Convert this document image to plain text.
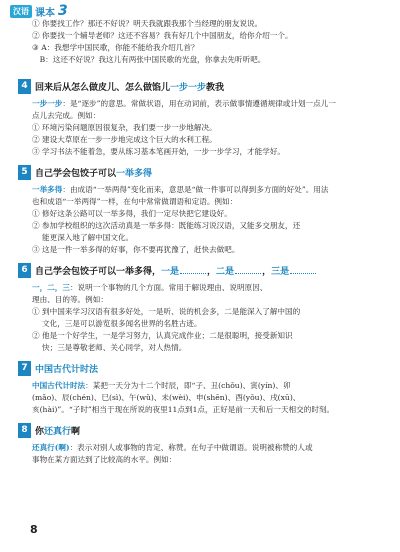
汉语 课本 3
① 你要找工作？那还不好说？明天我就跟我那个当经理的朋友说说。
② 你要找一个辅导老师？这还不容易？我有好几个中国朋友，给你介绍一个。
③ A：我想学中国民歌，你能不能给我介绍几首？
　B：这还不好说？我这儿有两张中国民歌的光盘，你拿去先听听吧。
4 回来后从怎么做皮儿、怎么做馅儿一步一步教我
一步一步：是“逐步”的意思。常做状语，用在动词前，表示做事情遵循规律或计划一点儿一
点儿去完成。例如：
① 环境污染问题原因很复杂，我们要一步一步地解决。
② 建设大草原在一步一步地完成这个巨大的水利工程。
③ 学习书法不能着急，要从练习基本笔画开始，一步一步学习，才能学好。
5 自己学会包饺子可以一举多得
一举多得：由成语“一举两得”变化而来，意思是“做一件事可以得到多方面的好处”。用法
也和成语“一举两得”一样，在句中常常做谓语和定语。例如：
① 修好这条公路可以一举多得，我们一定尽快把它建设好。
② 参加学校组织的这次活动真是一举多得：既能练习说汉语，又能多交朋友，还
　 能更深入地了解中国文化。
③ 这是一件一举多得的好事，你不要再犹豫了，赶快去做吧。
6 自己学会包饺子可以一举多得，一是	，二是	，三是
一，二，三：说明一个事物的几个方面。常用于解说理由、说明原因、
理由、目的等。例如：
① 到中国来学习汉语有很多好处，一是听、说的机会多，二是能深入了解中国的
　 文化，三是可以游览很多闻名世界的名胜古迹。
② 他是一个好学生，一是学习努力，认真完成作业；二是很聪明，接受新知识
　 快；三是尊敬老师、关心同学，对人热情。
7 中国古代计时法
中国古代计时法：某把一天分为十二个时辰，即“子、丑(chǒu)、寅(yín)、卯
(mǎo)、辰(chén)、巳(sì)、午(wǔ)、未(wèi)、申(shēn)、酉(yǒu)、戌(xū)、
亥(hài)”。“子时”相当于现在所说的夜里11点到1点，正好是前一天和后一天相交的时刻。
8 你还真行啊
还真行(啊)：表示对别人或事物的肯定、称赞。在句子中做谓语。说明被称赞的人或
事物在某方面达到了比较高的水平。例如：
8
